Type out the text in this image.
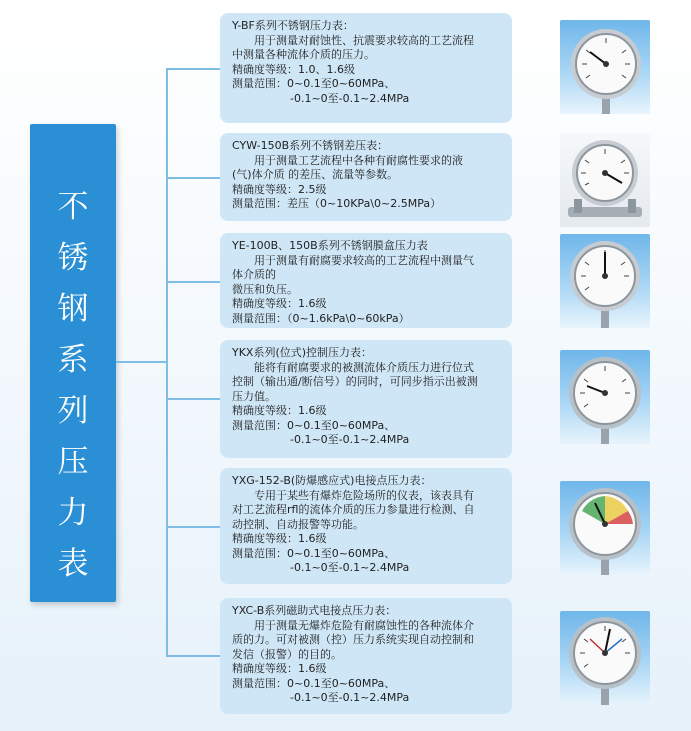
不
锈
钢
系
列
压
力
表
Y-BF系列不锈钢压力表：
用于测量对耐蚀性、抗震要求较高的工艺流程
中测量各种流体介质的压力。
精确度等级：1.0、1.6级
测量范围：0~0.1至0~60MPa、
-0.1~0至-0.1~2.4MPa
CYW-150B系列不锈钢差压表：
用于测量工艺流程中各种有耐腐性要求的液
(气)体介质 的差压、流量等参数。
精确度等级：2.5级
测量范围：差压（0~10KPa\0~2.5MPa）
YE-100B、150B系列不锈钢膜盒压力表
用于测量有耐腐要求较高的工艺流程中测量气
体介质的
微压和负压。
精确度等级：1.6级
测量范围：（0~1.6kPa\0~60kPa）
YKX系列(位式)控制压力表：
能将有耐腐要求的被测流体介质压力进行位式
控制（输出通/断信号）的同时，可同步指示出被测
压力值。
精确度等级：1.6级
测量范围：0~0.1至0~60MPa、
-0.1~0至-0.1~2.4MPa
YXG-152-B(防爆感应式)电接点压力表：
专用于某些有爆炸危险场所的仪表，该表具有
对工艺流程rfl的流体介质的压力参量进行检测、自
动控制、自动报警等功能。
精确度等级：1.6级
测量范围：0~0.1至0~60MPa、
-0.1~0至-0.1~2.4MPa
YXC-B系列磁助式电接点压力表：
用于测量无爆炸危险有耐腐蚀性的各种流体介
质的力。可对被测（控）压力系统实现自动控制和
发信（报警）的目的。
精确度等级：1.6级
测量范围：0~0.1至0~60MPa、
-0.1~0至-0.1~2.4MPa
